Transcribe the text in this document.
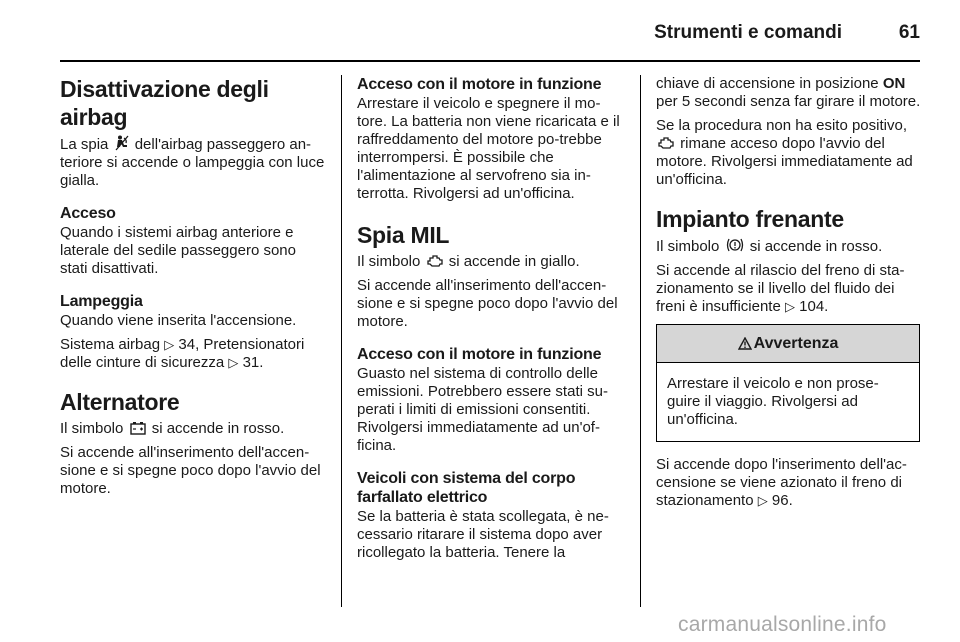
Strumenti e comandi	61
Disattivazione degli airbag

La spia dell'airbag passeggero an-teriore si accende o lampeggia con luce gialla.

Acceso

Quando i sistemi airbag anteriore e laterale del sedile passeggero sono stati disattivati.

Lampeggia

Quando viene inserita l'accensione.

Sistema airbag ▷ 34, Pretensionatori delle cinture di sicurezza ▷ 31.

Alternatore

Il simbolo si accende in rosso.

Si accende all'inserimento dell'accen-sione e si spegne poco dopo l'avvio del motore.

Acceso con il motore in funzione

Arrestare il veicolo e spegnere il mo-tore. La batteria non viene ricaricata e il raffreddamento del motore po-trebbe interrompersi. È possibile che l'alimentazione al servofreno sia in-terrotta. Rivolgersi ad un'officina.

Spia MIL

Il simbolo si accende in giallo.

Si accende all'inserimento dell'accen-sione e si spegne poco dopo l'avvio del motore.

Acceso con il motore in funzione

Guasto nel sistema di controllo delle emissioni. Potrebbero essere stati su-perati i limiti di emissioni consentiti. Rivolgersi immediatamente ad un'of-ficina.

Veicoli con sistema del corpo farfallato elettrico

Se la batteria è stata scollegata, è ne-cessario ritarare il sistema dopo aver ricollegato la batteria. Tenere la

chiave di accensione in posizione ON per 5 secondi senza far girare il motore.

Se la procedura non ha esito positivo,  rimane acceso dopo l'avvio del motore. Rivolgersi immediatamente ad un'officina.

Impianto frenante

Il simbolo si accende in rosso.

Si accende al rilascio del freno di sta-zionamento se il livello del fluido dei freni è insufficiente ▷ 104.

Avvertenza

Arrestare il veicolo e non prose-guire il viaggio. Rivolgersi ad un'officina.

Si accende dopo l'inserimento dell'ac-censione se viene azionato il freno di stazionamento ▷ 96.

carmanualsonline.info
